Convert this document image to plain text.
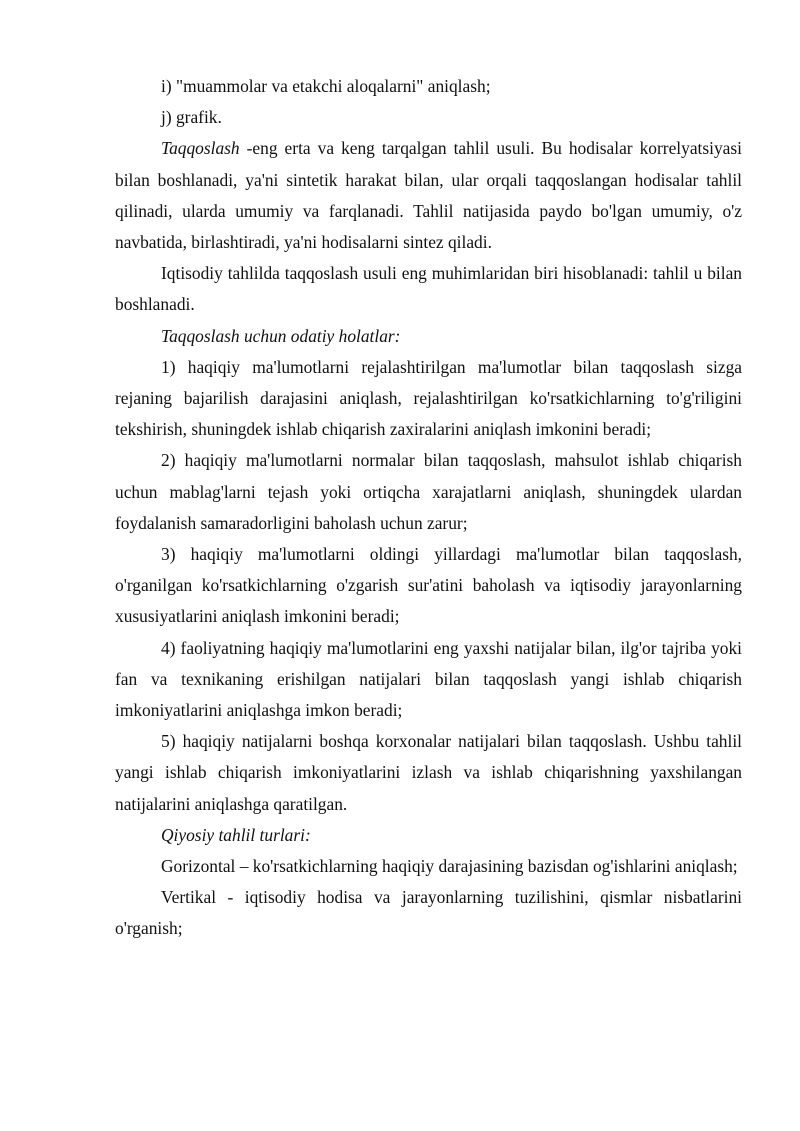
i) "muammolar va etakchi aloqalarni" aniqlash;

j) grafik.

Taqqoslash -eng erta va keng tarqalgan tahlil usuli. Bu hodisalar korrelyatsiyasi bilan boshlanadi, ya'ni sintetik harakat bilan, ular orqali taqqoslangan hodisalar tahlil qilinadi, ularda umumiy va farqlanadi. Tahlil natijasida paydo bo'lgan umumiy, o'z navbatida, birlashtiradi, ya'ni hodisalarni sintez qiladi.

Iqtisodiy tahlilda taqqoslash usuli eng muhimlaridan biri hisoblanadi: tahlil u bilan boshlanadi.

Taqqoslash uchun odatiy holatlar:

1) haqiqiy ma'lumotlarni rejalashtirilgan ma'lumotlar bilan taqqoslash sizga rejaning bajarilish darajasini aniqlash, rejalashtirilgan ko'rsatkichlarning to'g'riligini tekshirish, shuningdek ishlab chiqarish zaxiralarini aniqlash imkonini beradi;

2) haqiqiy ma'lumotlarni normalar bilan taqqoslash, mahsulot ishlab chiqarish uchun mablag'larni tejash yoki ortiqcha xarajatlarni aniqlash, shuningdek ulardan foydalanish samaradorligini baholash uchun zarur;

3) haqiqiy ma'lumotlarni oldingi yillardagi ma'lumotlar bilan taqqoslash, o'rganilgan ko'rsatkichlarning o'zgarish sur'atini baholash va iqtisodiy jarayonlarning xususiyatlarini aniqlash imkonini beradi;

4) faoliyatning haqiqiy ma'lumotlarini eng yaxshi natijalar bilan, ilg'or tajriba yoki fan va texnikaning erishilgan natijalari bilan taqqoslash yangi ishlab chiqarish imkoniyatlarini aniqlashga imkon beradi;

5) haqiqiy natijalarni boshqa korxonalar natijalari bilan taqqoslash. Ushbu tahlil yangi ishlab chiqarish imkoniyatlarini izlash va ishlab chiqarishning yaxshilangan natijalarini aniqlashga qaratilgan.

Qiyosiy tahlil turlari:

Gorizontal – ko'rsatkichlarning haqiqiy darajasining bazisdan og'ishlarini aniqlash;

Vertikal - iqtisodiy hodisa va jarayonlarning tuzilishini, qismlar nisbatlarini o'rganish;
